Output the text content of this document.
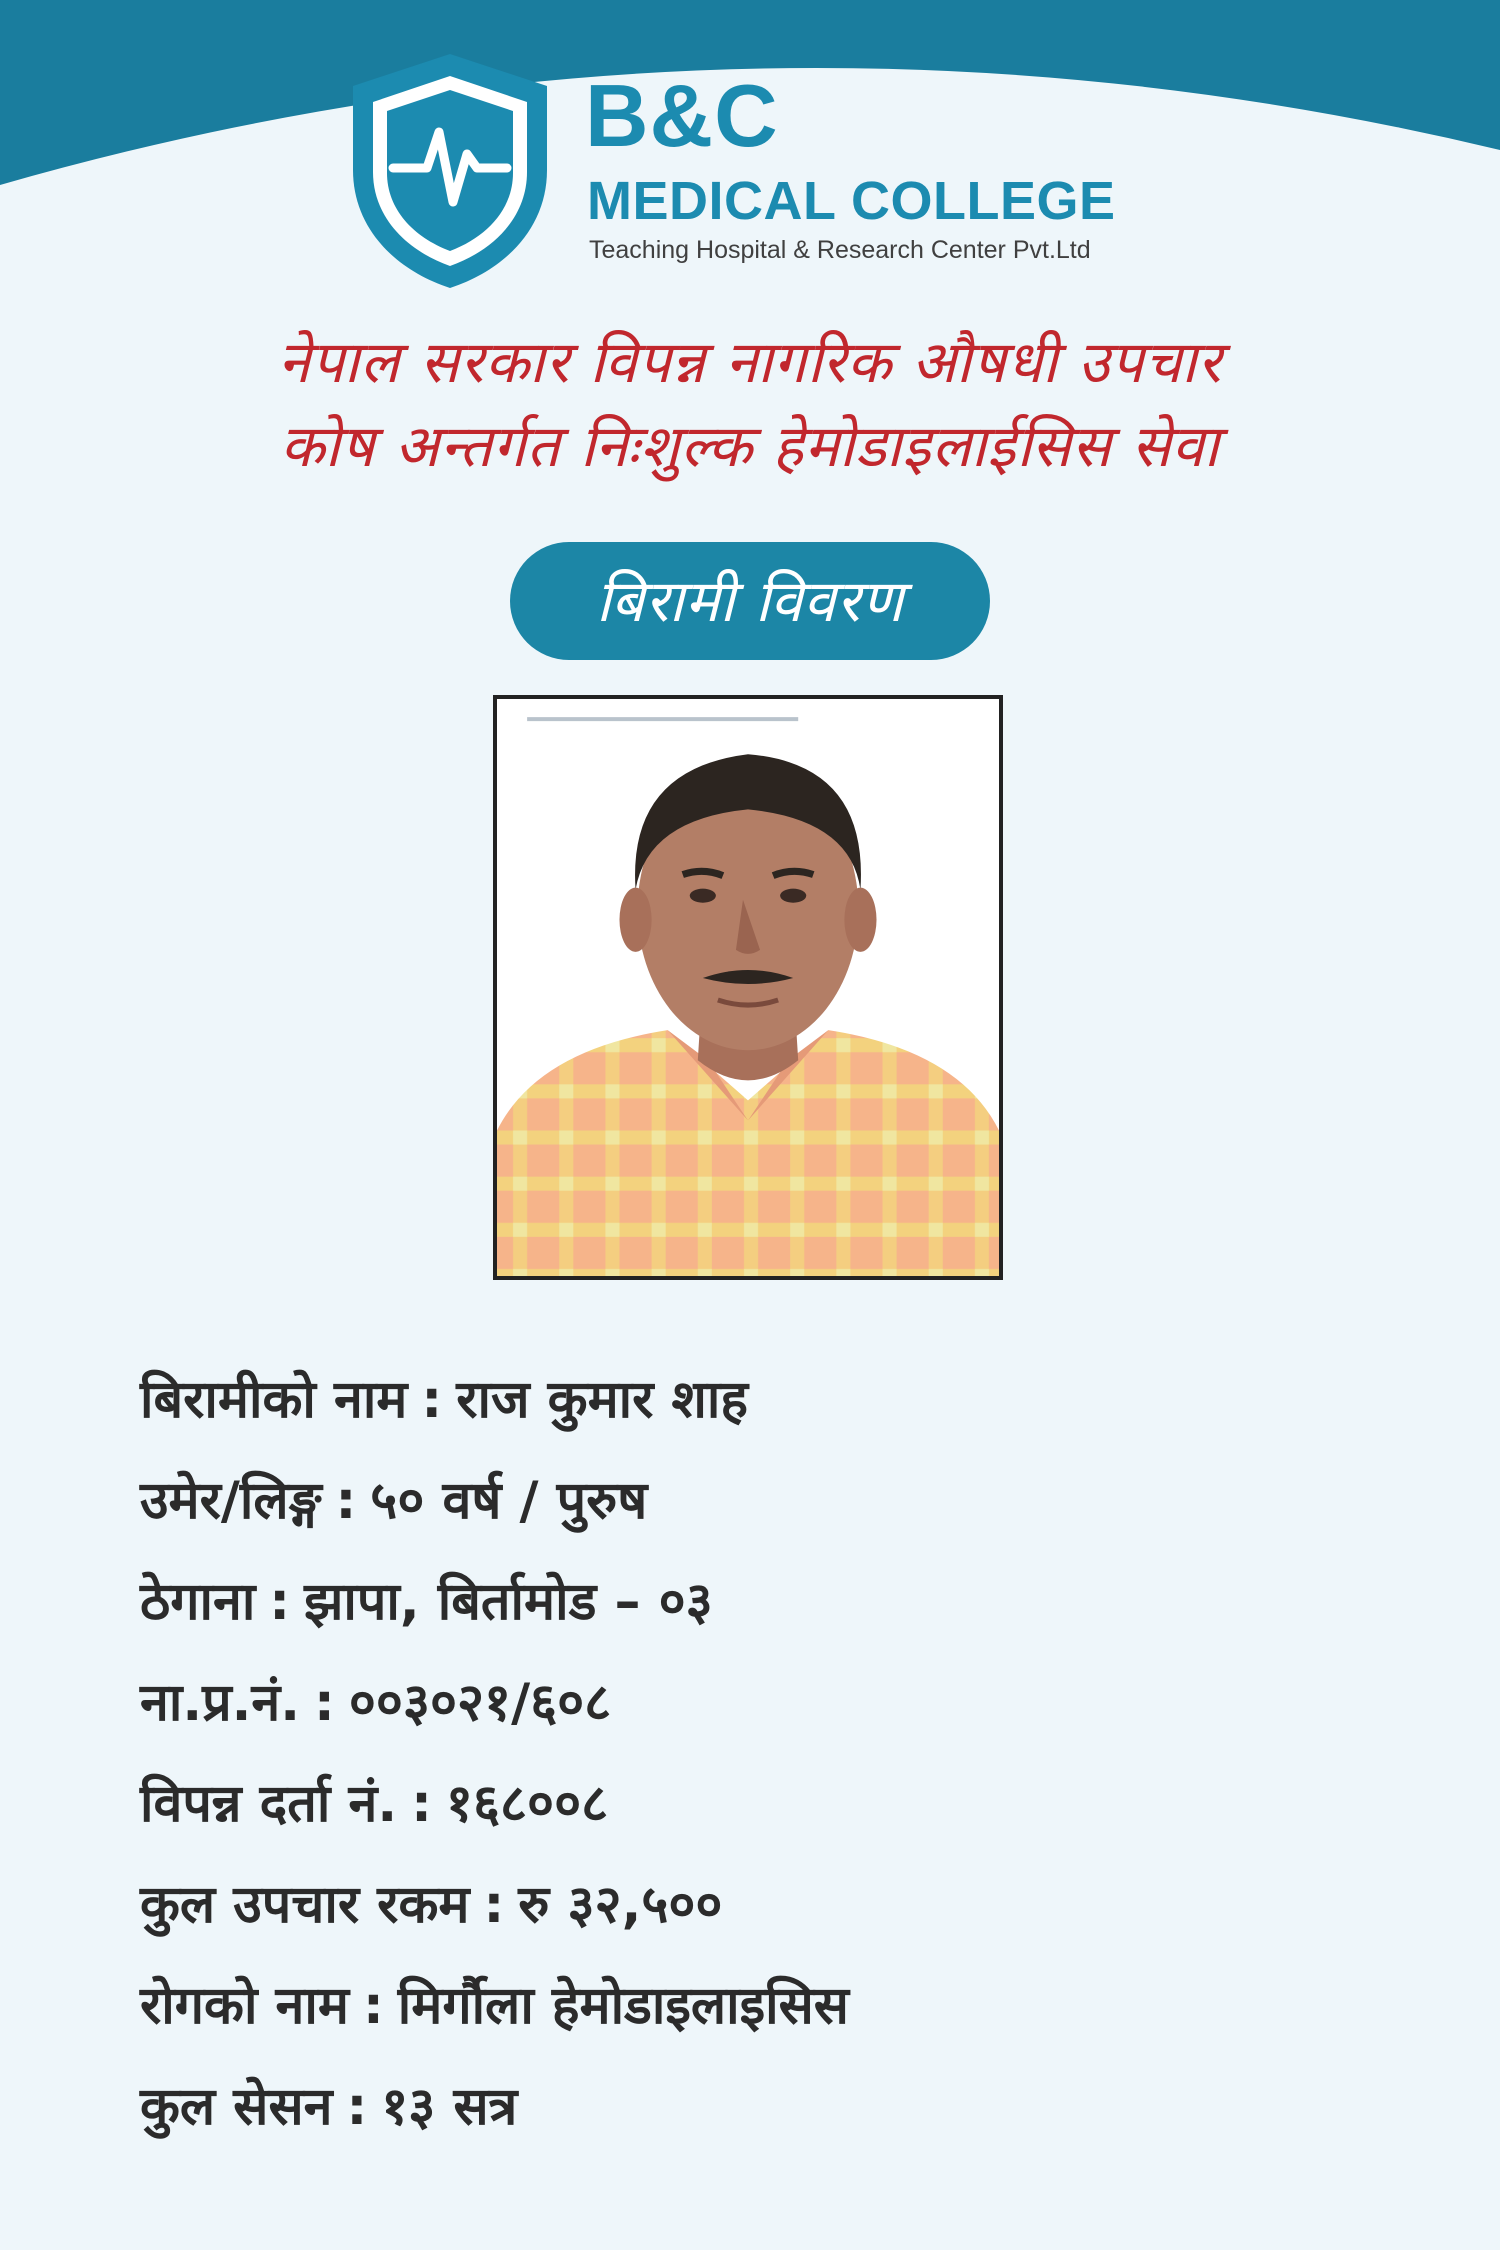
B&C
MEDICAL COLLEGE
Teaching Hospital & Research Center Pvt.Ltd
नेपाल सरकार विपन्न नागरिक औषधी उपचार
कोष अन्तर्गत निःशुल्क हेमोडाइलाईसिस सेवा
बिरामी विवरण
बिरामीको नाम : राज कुमार शाह
उमेर/लिङ्ग : ५० वर्ष / पुरुष
ठेगाना : झापा, बिर्तामोड – ०३
ना.प्र.नं. : ००३०२१/६०८
विपन्न दर्ता नं. : १६८००८
कुल उपचार रकम : रु ३२,५००
रोगको नाम : मिर्गौला हेमोडाइलाइसिस
कुल सेसन : १३ सत्र
